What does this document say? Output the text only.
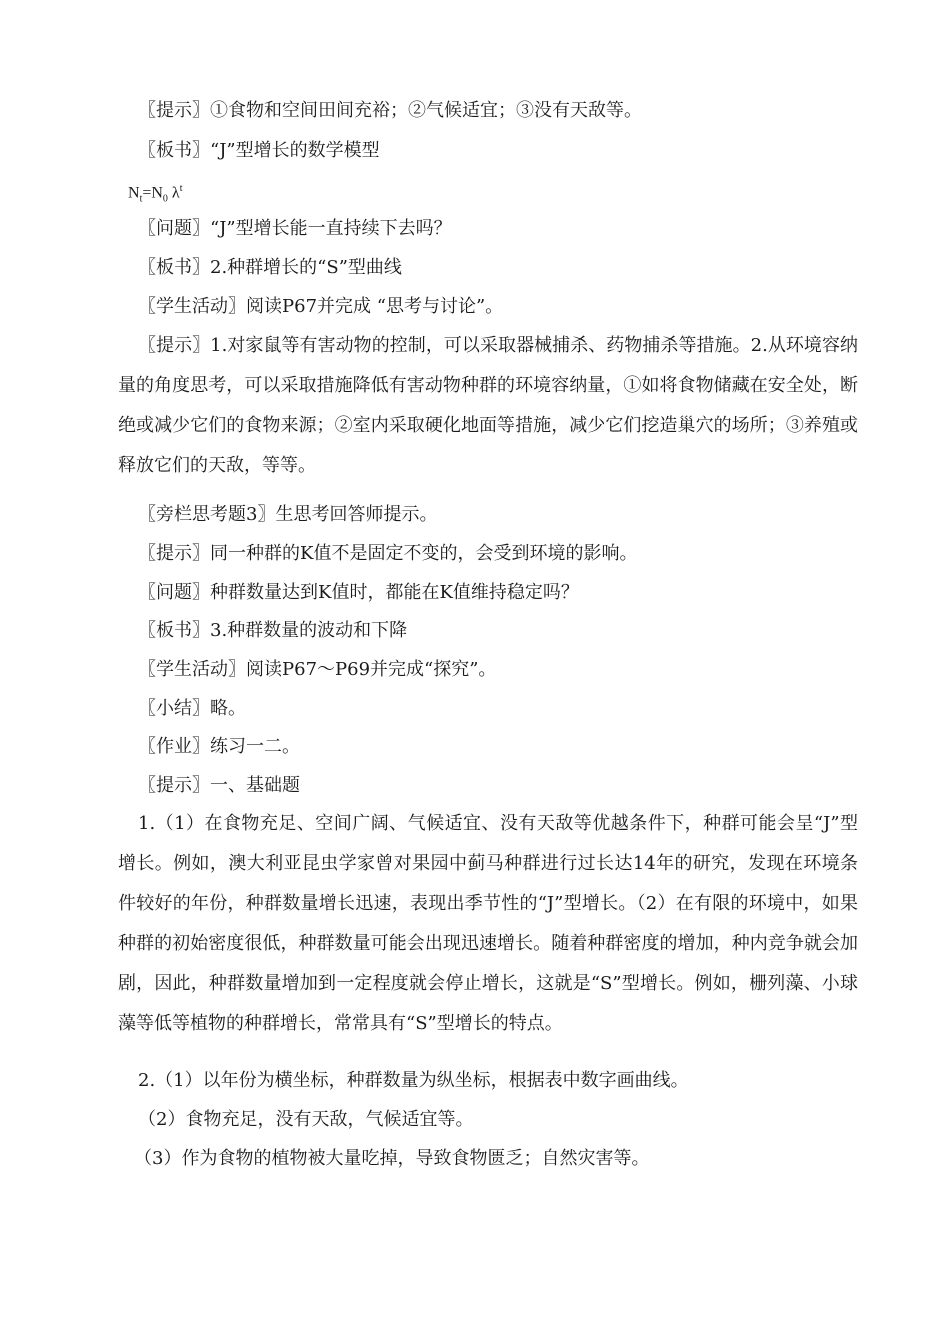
〖提示〗①食物和空间田间充裕；②气候适宜；③没有天敌等。
〖板书〗“J”型增长的数学模型
$N_t=N_0$ $\lambda^t$
〖问题〗“J”型增长能一直持续下去吗？
〖板书〗2.种群增长的“S”型曲线
〖学生活动〗阅读P67并完成 “思考与讨论”。
〖提示〗1.对家鼠等有害动物的控制，可以采取器械捕杀、药物捕杀等措施。2.从环境容纳量的角度思考，可以采取措施降低有害动物种群的环境容纳量，①如将食物储藏在安全处，断绝或减少它们的食物来源；②室内采取硬化地面等措施，减少它们挖造巢穴的场所；③养殖或释放它们的天敌，等等。
〖旁栏思考题3〗生思考回答师提示。
〖提示〗同一种群的K值不是固定不变的，会受到环境的影响。
〖问题〗种群数量达到K值时，都能在K值维持稳定吗？
〖板书〗3.种群数量的波动和下降
〖学生活动〗阅读P67～P69并完成“探究”。
〖小结〗略。
〖作业〗练习一二。
〖提示〗一、基础题
1.（1）在食物充足、空间广阔、气候适宜、没有天敌等优越条件下，种群可能会呈“J”型增长。例如，澳大利亚昆虫学家曾对果园中蓟马种群进行过长达14年的研究，发现在环境条件较好的年份，种群数量增长迅速，表现出季节性的“J”型增长。（2）在有限的环境中，如果种群的初始密度很低，种群数量可能会出现迅速增长。随着种群密度的增加，种内竞争就会加剧，因此，种群数量增加到一定程度就会停止增长，这就是“S”型增长。例如，栅列藻、小球藻等低等植物的种群增长，常常具有“S”型增长的特点。
2.（1）以年份为横坐标，种群数量为纵坐标，根据表中数字画曲线。
（2）食物充足，没有天敌，气候适宜等。
（3）作为食物的植物被大量吃掉，导致食物匮乏；自然灾害等。
